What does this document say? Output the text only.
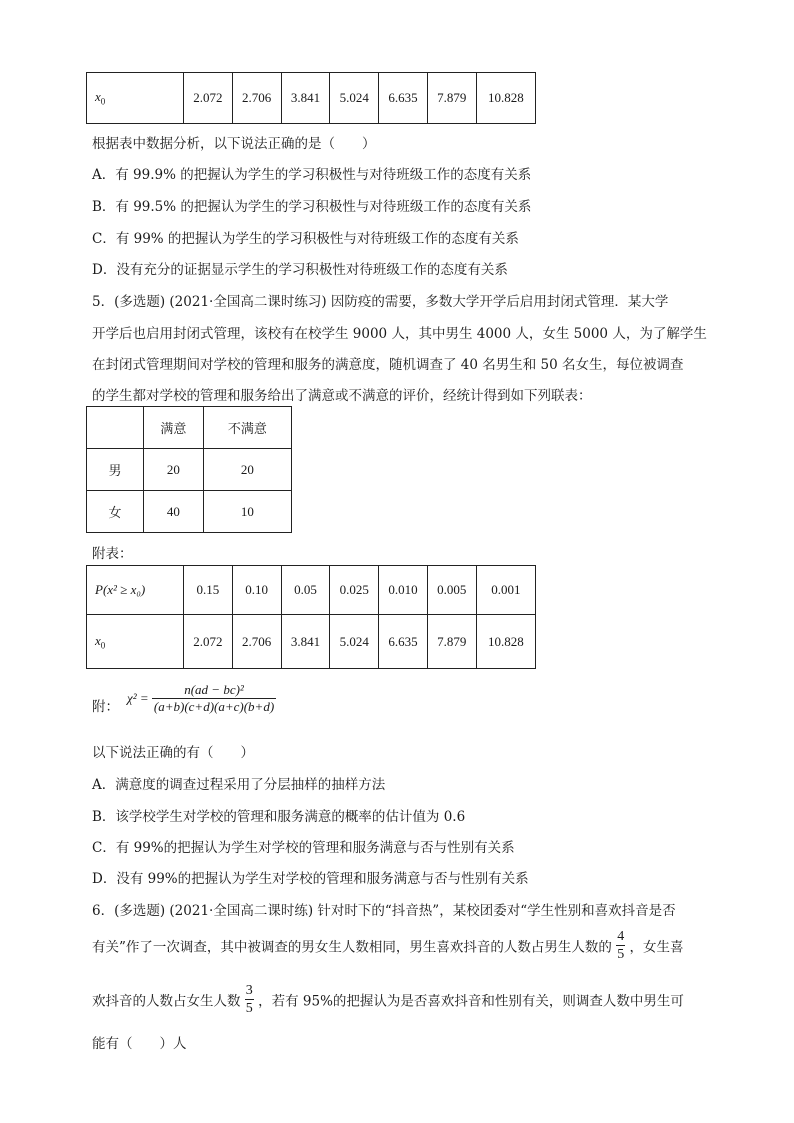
$x_0$	2.072	2.706	3.841	5.024	6.635	7.879	10.828
根据表中数据分析，以下说法正确的是（　　）
A．有 99.9% 的把握认为学生的学习积极性与对待班级工作的态度有关系
B．有 99.5% 的把握认为学生的学习积极性与对待班级工作的态度有关系
C．有 99% 的把握认为学生的学习积极性与对待班级工作的态度有关系
D．没有充分的证据显示学生的学习积极性对待班级工作的态度有关系
5．(多选题) (2021·全国高二课时练习) 因防疫的需要，多数大学开学后启用封闭式管理．某大学
开学后也启用封闭式管理，该校有在校学生 9000 人，其中男生 4000 人，女生 5000 人，为了解学生
在封闭式管理期间对学校的管理和服务的满意度，随机调查了 40 名男生和 50 名女生，每位被调查
的学生都对学校的管理和服务给出了满意或不满意的评价，经统计得到如下列联表：
	满意	不满意
男	20	20
女	40	10
附表：
P(x² ≥ x₀)	0.15	0.10	0.05	0.025	0.010	0.005	0.001
$x_0$	2.072	2.706	3.841	5.024	6.635	7.879	10.828
附：
$\chi^2 = \frac{\text{n(ad − bc)²}}{(a+b)(c+d)(a+c)(b+d)}$
以下说法正确的有（　　）
A．满意度的调查过程采用了分层抽样的抽样方法
B．该学校学生对学校的管理和服务满意的概率的估计值为 0.6
C．有 99%的把握认为学生对学校的管理和服务满意与否与性别有关系
D．没有 99%的把握认为学生对学校的管理和服务满意与否与性别有关系
6．(多选题) (2021·全国高二课时练) 针对时下的“抖音热”，某校团委对“学生性别和喜欢抖音是否
有关”作了一次调查，其中被调查的男女生人数相同，男生喜欢抖音的人数占男生人数的 $\frac{4}{5}$ ，女生喜
欢抖音的人数占女生人数 $\frac{3}{5}$ ，若有 95%的把握认为是否喜欢抖音和性别有关，则调查人数中男生可
能有（　　）人
